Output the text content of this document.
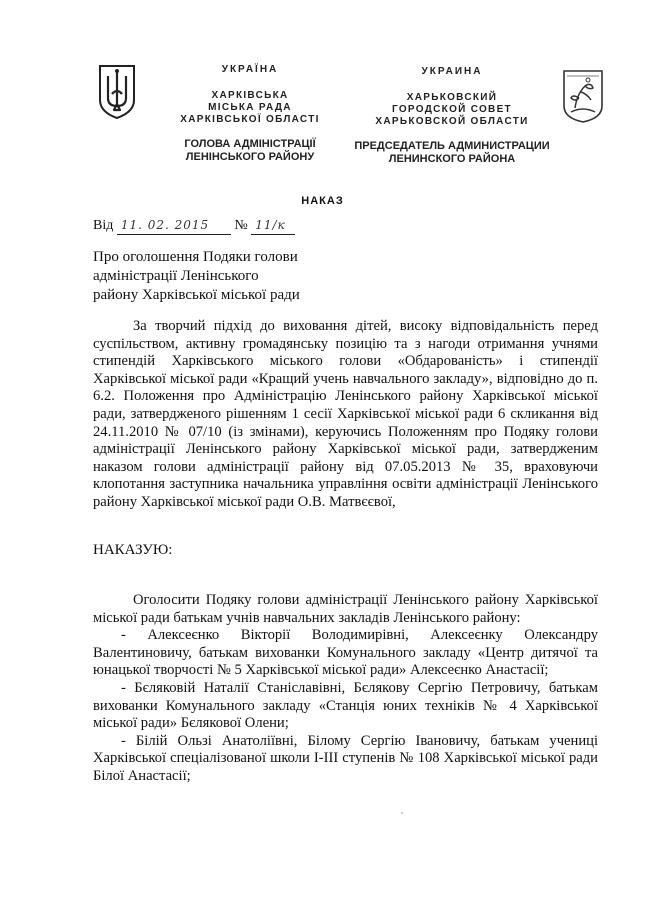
УКРАЇНА
ХАРКІВСЬКА
МІСЬКА РАДА
ХАРКІВСЬКОЇ ОБЛАСТІ
ГОЛОВА АДМІНІСТРАЦІЇ
ЛЕНІНСЬКОГО РАЙОНУ
УКРАИНА
ХАРЬКОВСКИЙ
ГОРОДСКОЙ СОВЕТ
ХАРЬКОВСКОЙ ОБЛАСТИ
ПРЕДСЕДАТЕЛЬ АДМИНИСТРАЦИИ
ЛЕНИНСКОГО РАЙОНА
НАКАЗ
Від 11. 02. 2015 № 11/к
Про оголошення Подяки голови
адміністрації Ленінського
району Харківської міської ради

За творчий підхід до виховання дітей, високу відповідальність перед суспільством, активну громадянську позицію та з нагоди отримання учнями стипендій Харківського міського голови «Обдарованість» і стипендії Харківської міської ради «Кращий учень навчального закладу», відповідно до п. 6.2. Положення про Адміністрацію Ленінського району Харківської міської ради, затвердженого рішенням 1 сесії Харківської міської ради 6 скликання від 24.11.2010 № 07/10 (із змінами), керуючись Положенням про Подяку голови адміністрації Ленінського району Харківської міської ради, затвердженим наказом голови адміністрації району від 07.05.2013 № 35, враховуючи клопотання заступника начальника управління освіти адміністрації Ленінського району Харківської міської ради О.В. Матвєєвої,

НАКАЗУЮ:

Оголосити Подяку голови адміністрації Ленінського району Харківської міської ради батькам учнів навчальних закладів Ленінського району:

- Алексеєнко Вікторії Володимирівні, Алексеєнку Олександру Валентиновичу, батькам вихованки Комунального закладу «Центр дитячої та юнацької творчості № 5 Харківської міської ради» Алексеєнко Анастасії;

- Бєляковій Наталії Станіславівні, Бєлякову Сергію Петровичу, батькам вихованки Комунального закладу «Станція юних техніків № 4 Харківської міської ради» Бєлякової Олени;

- Білій Ользі Анатоліївні, Білому Сергію Івановичу, батькам учениці Харківської спеціалізованої школи І-ІІІ ступенів № 108 Харківської міської ради Білої Анастасії;
